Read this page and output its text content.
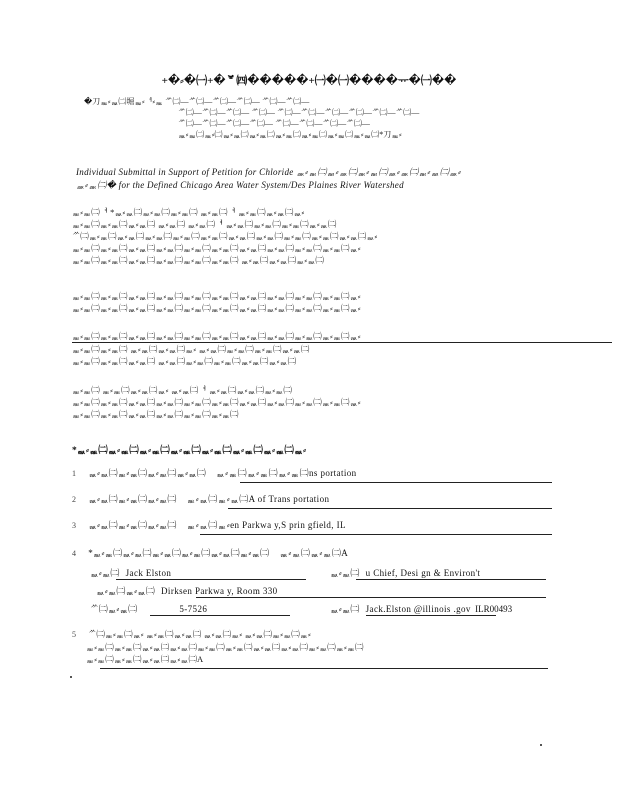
+�⸗�㈠+�ᄫ㈣�����+㈠�㈠����ᅲ�㈠��
�刀ᇓ⸗ᇓ㈡堀ᇓ⸗ᅧ⸗ᇓ ᄽ㈡—ᄽ㈡—ᄽ㈡—ᄽ㈡— ᄽ㈡—ᄽ㈡—
ᄽ㈡—ᄽ㈡—ᄽ㈡— ᄽ㈡— ᄽ㈡—ᄽ㈡—ᄽ㈡—ᄽ㈡—ᄽ㈡—ᄽ㈡—
ᄽ㈡—ᄽ㈡—ᄽ㈡—ᄽ㈡— ᄽ㈡—ᄽ㈡—ᄽ㈡—ᄽ㈡—
ᇓ⸗ᇓ㈡ᇓ⸗㈡ᇓ⸗ᇓ㈡ᇓ⸗ᇓ㈡ᇓ⸗ᇓ㈡ᇓ⸗ᇓ㈡ᇓ⸗ᇓ㈡ᇓ⸗ᇓ㈡*刀ᇓ⸗
Individual Submittal in Support of Petition for Chloride ᇓ⸗ᇓ㈡ᇓ⸗ᇓ㈡ᇓ⸗ᇓ㈡ᇓ⸗ᇓ㈡ᇓ⸗ᇓ㈡ᇓ⸗
ᇓ⸗ᇓ㈡� for the Defined Chicago Area Water System/Des Plaines River Watershed
ᇓ⸗ᇓ㈡ᅧ *ᇓ⸗ᇓ㈡ᇓ⸗ᇓ㈡ᇓ⸗ᇓ㈡ ᇓ⸗ᇓ㈡ᅧ ᇓ⸗ᇓ㈡ᇓ⸗ᇓ㈡ᇓ⸗
ᇓ⸗ᇓ㈡ᇓ⸗ᇓ㈡ᇓ⸗ᇓ㈡ ᇓ⸗ᇓ㈡ ᇓ⸗ᇓ㈡ᅧ ᇓ⸗ᇓ㈡ᇓ⸗ᇓ㈡ᇓ⸗ᇓ㈡ᇓ⸗ᇓ㈡
ᄽ㈡ᇓ⸗ᇓ㈡ᇓ⸗ᇓ㈡ᇓ⸗ᇓ㈡ᇓ⸗ᇓ㈡ᇓ⸗ᇓ㈡ᇓ⸗ᇓ㈡ᇓ⸗ᇓ㈡ᇓ⸗ᇓ㈡ᇓ⸗ᇓ㈡ᇓ⸗ᇓ㈡ᇓ⸗
ᇓ⸗ᇓ㈡ᇓ⸗ᇓ㈡ᇓ⸗ᇓ㈡ᇓ⸗ᇓ㈡ᇓ⸗ᇓ㈡ᇓ⸗ᇓ㈡ᇓ⸗ᇓ㈡ᇓ⸗ᇓ㈡ᇓ⸗ᇓ㈡ᇓ⸗ᇓ㈡ᇓ⸗
ᇓ⸗ᇓ㈡ᇓ⸗ᇓ㈡ᇓ⸗ᇓ㈡ᇓ⸗ᇓ㈡ᇓ⸗ᇓ㈡ᇓ⸗ᇓ㈡ ᇓ⸗ᇓ㈡ᇓ⸗ᇓ㈡ᇓ⸗ᇓ㈡
ᇓ⸗ᇓ㈡ᇓ⸗ᇓ㈡ᇓ⸗ᇓ㈡ᇓ⸗ᇓ㈡ᇓ⸗ᇓ㈡ᇓ⸗ᇓ㈡ᇓ⸗ᇓ㈡ᇓ⸗ᇓ㈡ᇓ⸗ᇓ㈡ᇓ⸗ᇓ㈡ᇓ⸗
ᇓ⸗ᇓ㈡ᇓ⸗ᇓ㈡ᇓ⸗ᇓ㈡ᇓ⸗ᇓ㈡ᇓ⸗ᇓ㈡ᇓ⸗ᇓ㈡ᇓ⸗ᇓ㈡ᇓ⸗ᇓ㈡ᇓ⸗ᇓ㈡ᇓ⸗ᇓ㈡ᇓ⸗
ᇓ⸗ᇓ㈡ᇓ⸗ᇓ㈡ᇓ⸗ᇓ㈡ᇓ⸗ᇓ㈡ᇓ⸗ᇓ㈡ᇓ⸗ᇓ㈡ᇓ⸗ᇓ㈡ᇓ⸗ᇓ㈡ᇓ⸗ᇓ㈡ᇓ⸗ᇓ㈡ᇓ⸗
ᇓ⸗ᇓ㈡ᇓ⸗ᇓ㈡ ᇓ⸗ᇓ㈡ᇓ⸗ᇓ㈡ᇓ⸗ ᇓ⸗ᇓ㈡ᇓ⸗ᇓ㈡ᇓ⸗ᇓ㈡ᇓ⸗ᇓ㈡
ᇓ⸗ᇓ㈡ᇓ⸗ᇓ㈡ᇓ⸗ᇓ㈡ ᇓ⸗ᇓ㈡ᇓ⸗ᇓ㈡ᇓ⸗ᇓ㈡ᇓ⸗ᇓ㈡ᇓ⸗ᇓ㈡
ᇓ⸗ᇓ㈡ ᇓ⸗ᇓ㈡ᇓ⸗ᇓ㈡ᇓ⸗ ᇓ⸗ᇓ㈡ᅧ ᇓ⸗ᇓ㈡ᇓ⸗ᇓ㈡ᇓ⸗ᇓ㈡
ᇓ⸗ᇓ㈡ᇓ⸗ᇓ㈡ᇓ⸗ᇓ㈡ᇓ⸗ᇓ㈡ᇓ⸗ᇓ㈡ᇓ⸗ᇓ㈡ᇓ⸗ᇓ㈡ᇓ⸗ᇓ㈡ᇓ⸗ᇓ㈡ᇓ⸗ᇓ㈡ᇓ⸗
ᇓ⸗ᇓ㈡ᇓ⸗ᇓ㈡ᇓ⸗ᇓ㈡ᇓ⸗ᇓ㈡ᇓ⸗ᇓ㈡ᇓ⸗ᇓ㈡
*ᇓ⸗ᇓ㈡ᇓ⸗ᇓ㈡ᇓ⸗ᇓ㈡ᇓ⸗ᇓ㈡ᇓ⸗ᇓ㈡ᇓ⸗ᇓ㈡ᇓ⸗ᇓ㈡ᇓ⸗
1 ᇓ⸗ᇓ㈡ᇓ⸗ᇓ㈡ᇓ⸗ᇓ㈡ᇓ⸗ᇓ㈡ ᇓ⸗ᇓ㈡ᇓ⸗ᇓ㈡ᇓ⸗ᇓ㈡ns portation
2 ᇓ⸗ᇓ㈡ᇓ⸗ᇓ㈡ᇓ⸗ᇓ㈡ ᇓ⸗ᇓ㈡ᇓ⸗ᇓ㈡A of Trans portation
3 ᇓ⸗ᇓ㈡ᇓ⸗ᇓ㈡ᇓ⸗ᇓ㈡ ᇓ⸗ᇓ㈡ᇓ⸗en Parkwa y,S prin gfield, IL
4 *ᇓ⸗ᇓ㈡ᇓ⸗ᇓ㈡ᇓ⸗ᇓ㈡ᇓ⸗ᇓ㈡ᇓ⸗ᇓ㈡ᇓ⸗ᇓ㈡ ᇓ⸗ᇓ㈡ᇓ⸗ᇓ㈡A
ᇓ⸗ᇓ㈡ Jack Elston	ᇓ⸗ᇓ㈡ u Chief, Desi gn & Environ't
ᇓ⸗ᇓ㈡ᇓ⸗ᇓ㈡ Dirksen Parkwa y, Room 330
ᄽ㈡ᇓ⸗ᇓ㈡	5-7526	ᇓ⸗ᇓ㈡ Jack.Elston @illinois .gov ILR00493
5 ᄽ㈡ᇓ⸗ᇓ㈡ᇓ⸗ ᇓ⸗ᇓ㈡ᇓ⸗ᇓ㈡ ᇓ⸗ᇓ㈡ᇓ⸗ ᇓ⸗ᇓ㈡ᇓ⸗ᇓ㈡ᇓ⸗
ᇓ⸗ᇓ㈡ᇓ⸗ᇓ㈡ᇓ⸗ᇓ㈡ᇓ⸗ᇓ㈡ᇓ⸗ᇓ㈡ᇓ⸗ᇓ㈡ᇓ⸗ᇓ㈡ᇓ⸗ᇓ㈡ᇓ⸗ᇓ㈡ᇓ⸗ᇓ㈡
ᇓ⸗ᇓ㈡ᇓ⸗ᇓ㈡ᇓ⸗ᇓ㈡ᇓ⸗ᇓ㈡A
